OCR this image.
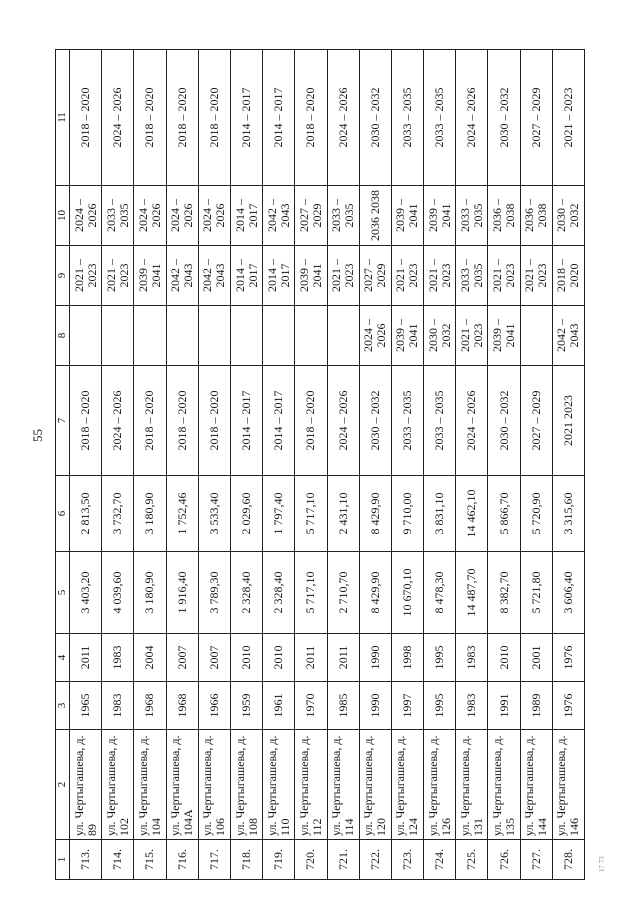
55
1	2	3	4	5	6	7	8	9	10	11
713.	ул. Чертыгашева, д. 89	1965	2011	3 403,20	2 813,50	2018 – 2020		2021 – 2023	2024 – 2026	2018 – 2020
714.	ул. Чертыгашева, д. 102	1983	1983	4 039,60	3 732,70	2024 – 2026		2021 – 2023	2033 – 2035	2024 – 2026
715.	ул. Чертыгашева, д. 104	1968	2004	3 180,90	3 180,90	2018 – 2020		2039 – 2041	2024 – 2026	2018 – 2020
716.	ул. Чертыгашева, д. 104А	1968	2007	1 916,40	1 752,46	2018 – 2020		2042 – 2043	2024 – 2026	2018 – 2020
717.	ул. Чертыгашева, д. 106	1966	2007	3 789,30	3 533,40	2018 – 2020		2042 – 2043	2024 – 2026	2018 – 2020
718.	ул. Чертыгашева, д. 108	1959	2010	2 328,40	2 029,60	2014 – 2017		2014 – 2017	2014 – 2017	2014 – 2017
719.	ул. Чертыгашева, д. 110	1961	2010	2 328,40	1 797,40	2014 – 2017		2014 – 2017	2042 – 2043	2014 – 2017
720.	ул. Чертыгашева, д. 112	1970	2011	5 717,10	5 717,10	2018 – 2020		2039 – 2041	2027 – 2029	2018 – 2020
721.	ул. Чертыгашева, д. 114	1985	2011	2 710,70	2 431,10	2024 – 2026		2021 – 2023	2033 – 2035	2024 – 2026
722.	ул. Чертыгашева, д. 120	1990	1990	8 429,90	8 429,90	2030 – 2032	2024 – 2026	2027 – 2029	2036 2038	2030 – 2032
723.	ул. Чертыгашева, д. 124	1997	1998	10 670,10	9 710,00	2033 – 2035	2039 – 2041	2021 – 2023	2039 – 2041	2033 – 2035
724.	ул. Чертыгашева, д. 126	1995	1995	8 478,30	3 831,10	2033 – 2035	2030 – 2032	2021 – 2023	2039 – 2041	2033 – 2035
725.	ул. Чертыгашева, д. 131	1983	1983	14 487,70	14 462,10	2024 – 2026	2021 – 2023	2033 – 2035	2033 – 2035	2024 – 2026
726.	ул. Чертыгашева, д. 135	1991	2010	8 382,70	5 866,70	2030 – 2032	2039 – 2041	2021 – 2023	2036 – 2038	2030 – 2032
727.	ул. Чертыгашева, д. 144	1989	2001	5 721,80	5 720,90	2027 – 2029		2021 – 2023	2036 – 2038	2027 – 2029
728.	ул. Чертыгашева, д. 146	1976	1976	3 606,40	3 315,60	2021 2023	2042 – 2043	2018 – 2020	2030 – 2032	2021 – 2023
17 73
